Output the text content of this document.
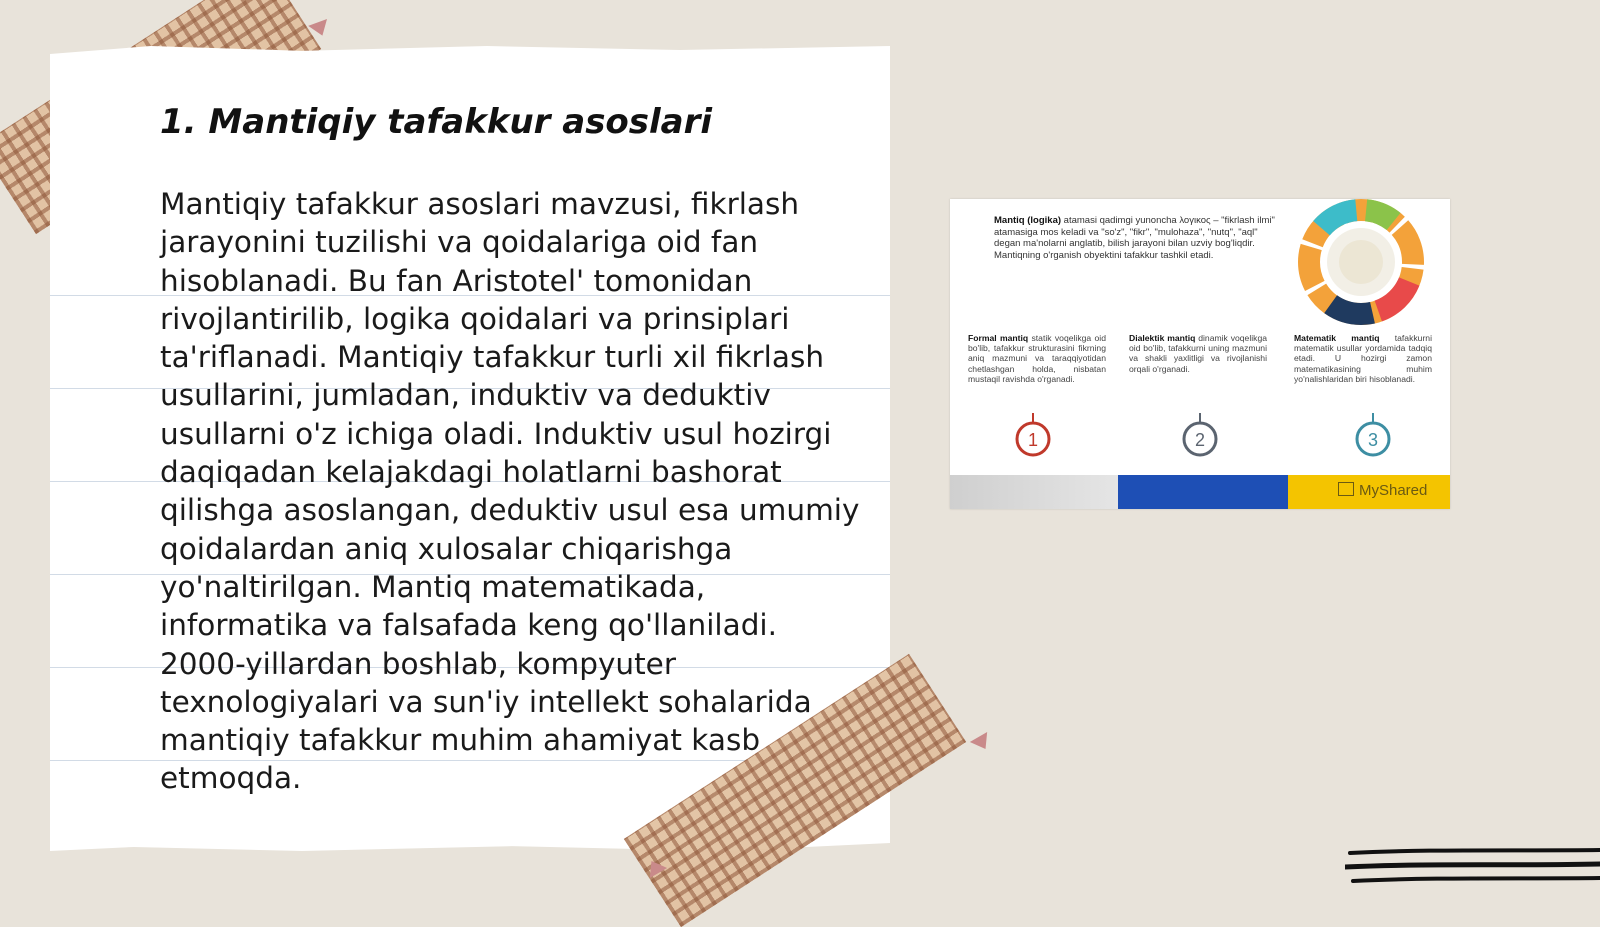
1. Mantiqiy tafakkur asoslari

Mantiqiy tafakkur asoslari mavzusi, fikrlash jarayonini tuzilishi va qoidalariga oid fan hisoblanadi. Bu fan Aristotel' tomonidan rivojlantirilib, logika qoidalari va prinsiplari ta'riflanadi. Mantiqiy tafakkur turli xil fikrlash usullarini, jumladan, induktiv va deduktiv usullarni o'z ichiga oladi. Induktiv usul hozirgi daqiqadan kelajakdagi holatlarni bashorat qilishga asoslangan, deduktiv usul esa umumiy qoidalardan aniq xulosalar chiqarishga yo'naltirilgan. Mantiq matematikada, informatika va falsafada keng qo'llaniladi. 2000-yillardan boshlab, kompyuter texnologiyalari va sun'iy intellekt sohalarida mantiqiy tafakkur muhim ahamiyat kasb etmoqda.

Mantiq (logika) atamasi qadimgi yunoncha λογικος – "fikrlash ilmi" atamasiga mos keladi va "so'z", "fikr", "mulohaza", "nutq", "aql" degan ma'nolarni anglatib, bilish jarayoni bilan uzviy bog'liqdir. Mantiqning o'rganish obyektini tafakkur tashkil etadi.
Formal mantiq statik voqelikga oid bo'lib, tafakkur strukturasini fikrning aniq mazmuni va taraqqiyotidan chetlashgan holda, nisbatan mustaqil ravishda o'rganadi.
Dialektik mantiq dinamik voqelikga oid bo'lib, tafakkurni uning mazmuni va shakli yaxlitligi va rivojlanishi orqali o'rganadi.
Matematik mantiq tafakkurni matematik usullar yordamida tadqiq etadi. U hozirgi zamon matematikasining muhim yo'nalishlaridan biri hisoblanadi.
1	2	3
MyShared
